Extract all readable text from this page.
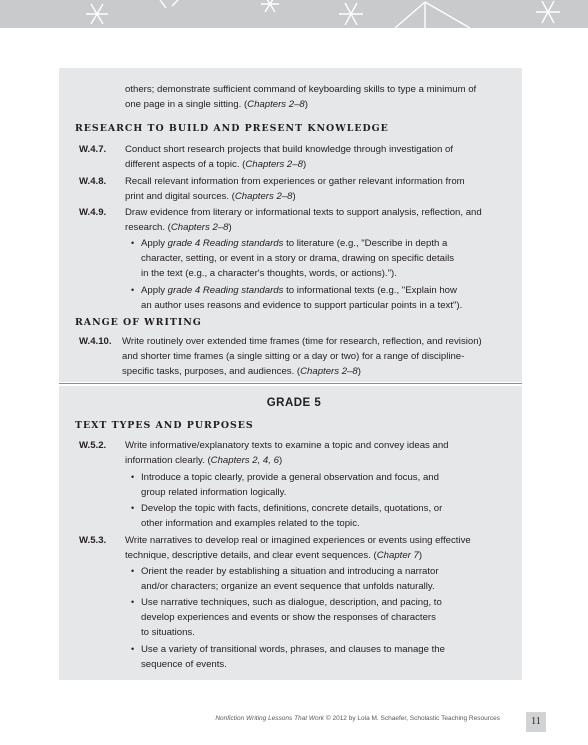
others; demonstrate sufficient command of keyboarding skills to type a minimum of
one page in a single sitting. (Chapters 2–8)
RESEARCH TO BUILD AND PRESENT KNOWLEDGE
W.4.7. Conduct short research projects that build knowledge through investigation of
different aspects of a topic. (Chapters 2–8)
W.4.8. Recall relevant information from experiences or gather relevant information from
print and digital sources. (Chapters 2–8)
W.4.9. Draw evidence from literary or informational texts to support analysis, reflection, and
research. (Chapters 2–8)
• Apply grade 4 Reading standards to literature (e.g., "Describe in depth a
character, setting, or event in a story or drama, drawing on specific details
in the text (e.g., a character's thoughts, words, or actions).").
• Apply grade 4 Reading standards to informational texts (e.g., "Explain how
an author uses reasons and evidence to support particular points in a text").
RANGE OF WRITING
W.4.10. Write routinely over extended time frames (time for research, reflection, and revision)
and shorter time frames (a single sitting or a day or two) for a range of discipline-
specific tasks, purposes, and audiences. (Chapters 2–8)
GRADE 5
TEXT TYPES AND PURPOSES
W.5.2. Write informative/explanatory texts to examine a topic and convey ideas and
information clearly. (Chapters 2, 4, 6)
• Introduce a topic clearly, provide a general observation and focus, and
group related information logically.
• Develop the topic with facts, definitions, concrete details, quotations, or
other information and examples related to the topic.
W.5.3. Write narratives to develop real or imagined experiences or events using effective
technique, descriptive details, and clear event sequences. (Chapter 7)
• Orient the reader by establishing a situation and introducing a narrator
and/or characters; organize an event sequence that unfolds naturally.
• Use narrative techniques, such as dialogue, description, and pacing, to
develop experiences and events or show the responses of characters
to situations.
• Use a variety of transitional words, phrases, and clauses to manage the
sequence of events.
Nonfiction Writing Lessons That Work © 2012 by Lola M. Schaefer, Scholastic Teaching Resources	11
